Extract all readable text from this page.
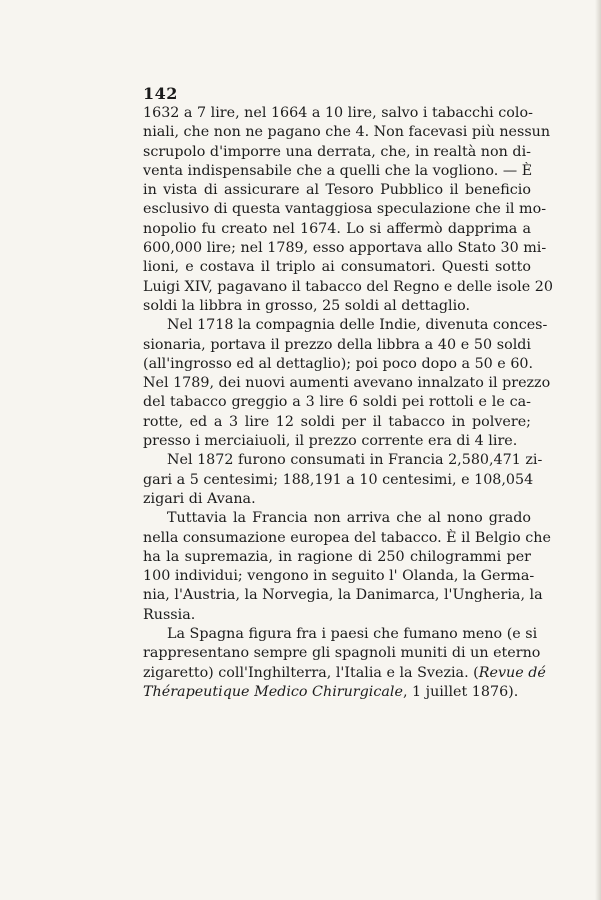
142
1632 a 7 lire, nel 1664 a 10 lire, salvo i tabacchi colo-
niali, che non ne pagano che 4. Non facevasi più nessun
scrupolo d'imporre una derrata, che, in realtà non di-
venta indispensabile che a quelli che la vogliono. — È
in vista di assicurare al Tesoro Pubblico il beneficio
esclusivo di questa vantaggiosa speculazione che il mo-
nopolio fu creato nel 1674. Lo si affermò dapprima a
600,000 lire; nel 1789, esso apportava allo Stato 30 mi-
lioni, e costava il triplo ai consumatori. Questi sotto
Luigi XIV, pagavano il tabacco del Regno e delle isole 20
soldi la libbra in grosso, 25 soldi al dettaglio.
Nel 1718 la compagnia delle Indie, divenuta conces-
sionaria, portava il prezzo della libbra a 40 e 50 soldi
(all'ingrosso ed al dettaglio); poi poco dopo a 50 e 60.
Nel 1789, dei nuovi aumenti avevano innalzato il prezzo
del tabacco greggio a 3 lire 6 soldi pei rottoli e le ca-
rotte, ed a 3 lire 12 soldi per il tabacco in polvere;
presso i merciaiuoli, il prezzo corrente era di 4 lire.
Nel 1872 furono consumati in Francia 2,580,471 zi-
gari a 5 centesimi; 188,191 a 10 centesimi, e 108,054
zigari di Avana.
Tuttavia la Francia non arriva che al nono grado
nella consumazione europea del tabacco. È il Belgio che
ha la supremazia, in ragione di 250 chilogrammi per
100 individui; vengono in seguito l' Olanda, la Germa-
nia, l'Austria, la Norvegia, la Danimarca, l'Ungheria, la
Russia.
La Spagna figura fra i paesi che fumano meno (e si
rappresentano sempre gli spagnoli muniti di un eterno
zigaretto) coll'Inghilterra, l'Italia e la Svezia. (Revue dé
Thérapeutique Medico Chirurgicale, 1 juillet 1876).
